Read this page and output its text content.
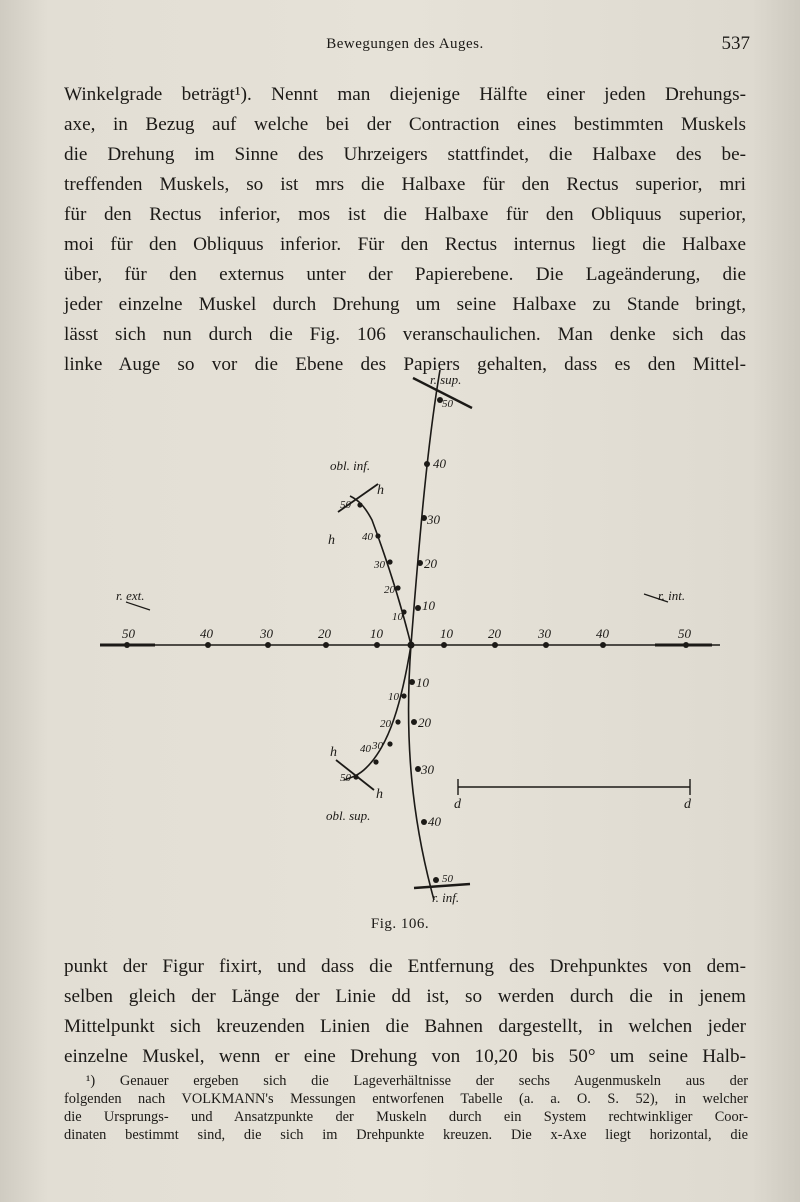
Bewegungen des Auges.	537
Winkelgrade beträgt¹). Nennt man diejenige Hälfte einer jeden Drehungs-
axe, in Bezug auf welche bei der Contraction eines bestimmten Muskels
die Drehung im Sinne des Uhrzeigers stattfindet, die Halbaxe des be-
treffenden Muskels, so ist mrs die Halbaxe für den Rectus superior, mri
für den Rectus inferior, mos ist die Halbaxe für den Obliquus superior,
moi für den Obliquus inferior. Für den Rectus internus liegt die Halbaxe
über, für den externus unter der Papierebene. Die Lageänderung, die
jeder einzelne Muskel durch Drehung um seine Halbaxe zu Stande bringt,
lässt sich nun durch die Fig. 106 veranschaulichen. Man denke sich das
linke Auge so vor die Ebene des Papiers gehalten, dass es den Mittel-
50	40	30	20	10	10	20	30	40	50
50
40
30
20
10
10
20
30
40
50
10
20
30
40
50
10
20
30
40
50
r. sup.
r. inf.
r. ext.	r. int.
obl. inf.
obl. sup.
h
h
h
h
d	d
Fig. 106.
punkt der Figur fixirt, und dass die Entfernung des Drehpunktes von dem-
selben gleich der Länge der Linie dd ist, so werden durch die in jenem
Mittelpunkt sich kreuzenden Linien die Bahnen dargestellt, in welchen jeder
einzelne Muskel, wenn er eine Drehung von 10,20 bis 50° um seine Halb-
¹) Genauer ergeben sich die Lageverhältnisse der sechs Augenmuskeln aus der
folgenden nach VOLKMANN's Messungen entworfenen Tabelle (a. a. O. S. 52), in welcher
die Ursprungs- und Ansatzpunkte der Muskeln durch ein System rechtwinkliger Coor-
dinaten bestimmt sind, die sich im Drehpunkte kreuzen. Die x-Axe liegt horizontal, die
